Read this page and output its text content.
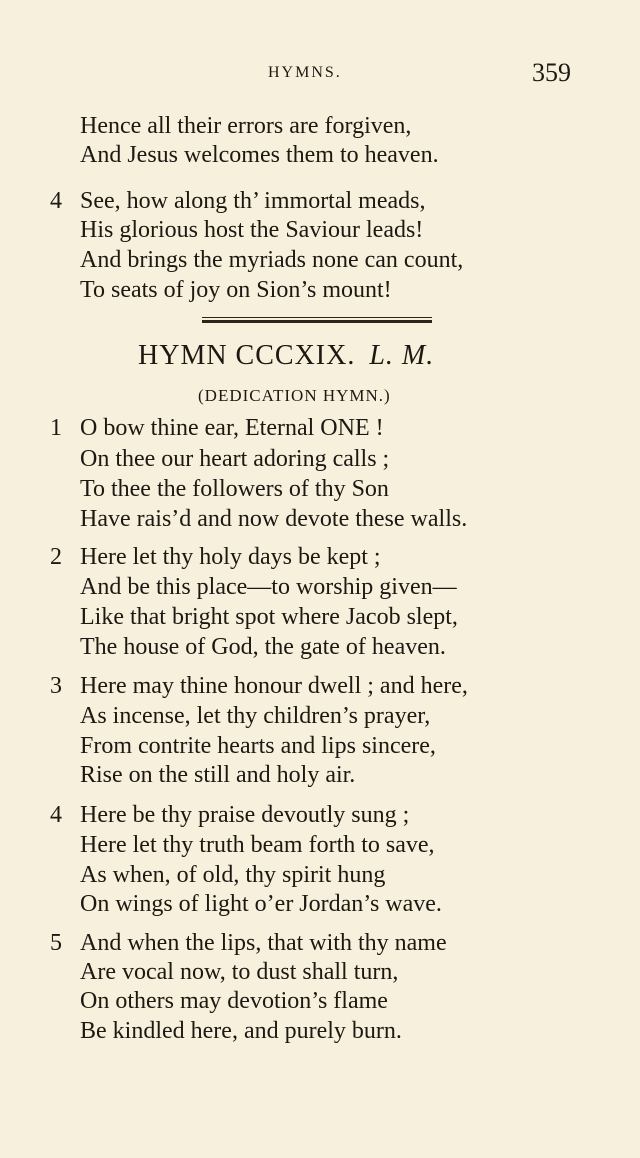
HYMNS.	359
Hence all their errors are forgiven,
And Jesus welcomes them to heaven.
4 See, how along th’ immortal meads,
His glorious host the Saviour leads!
And brings the myriads none can count,
To seats of joy on Sion’s mount!
HYMN CCCXIX. L. M.
(DEDICATION HYMN.)
1 O bow thine ear, Eternal ONE !
On thee our heart adoring calls ;
To thee the followers of thy Son
Have rais’d and now devote these walls.
2 Here let thy holy days be kept ;
And be this place—to worship given—
Like that bright spot where Jacob slept,
The house of God, the gate of heaven.
3 Here may thine honour dwell ; and here,
As incense, let thy children’s prayer,
From contrite hearts and lips sincere,
Rise on the still and holy air.
4 Here be thy praise devoutly sung ;
Here let thy truth beam forth to save,
As when, of old, thy spirit hung
On wings of light o’er Jordan’s wave.
5 And when the lips, that with thy name
Are vocal now, to dust shall turn,
On others may devotion’s flame
Be kindled here, and purely burn.
